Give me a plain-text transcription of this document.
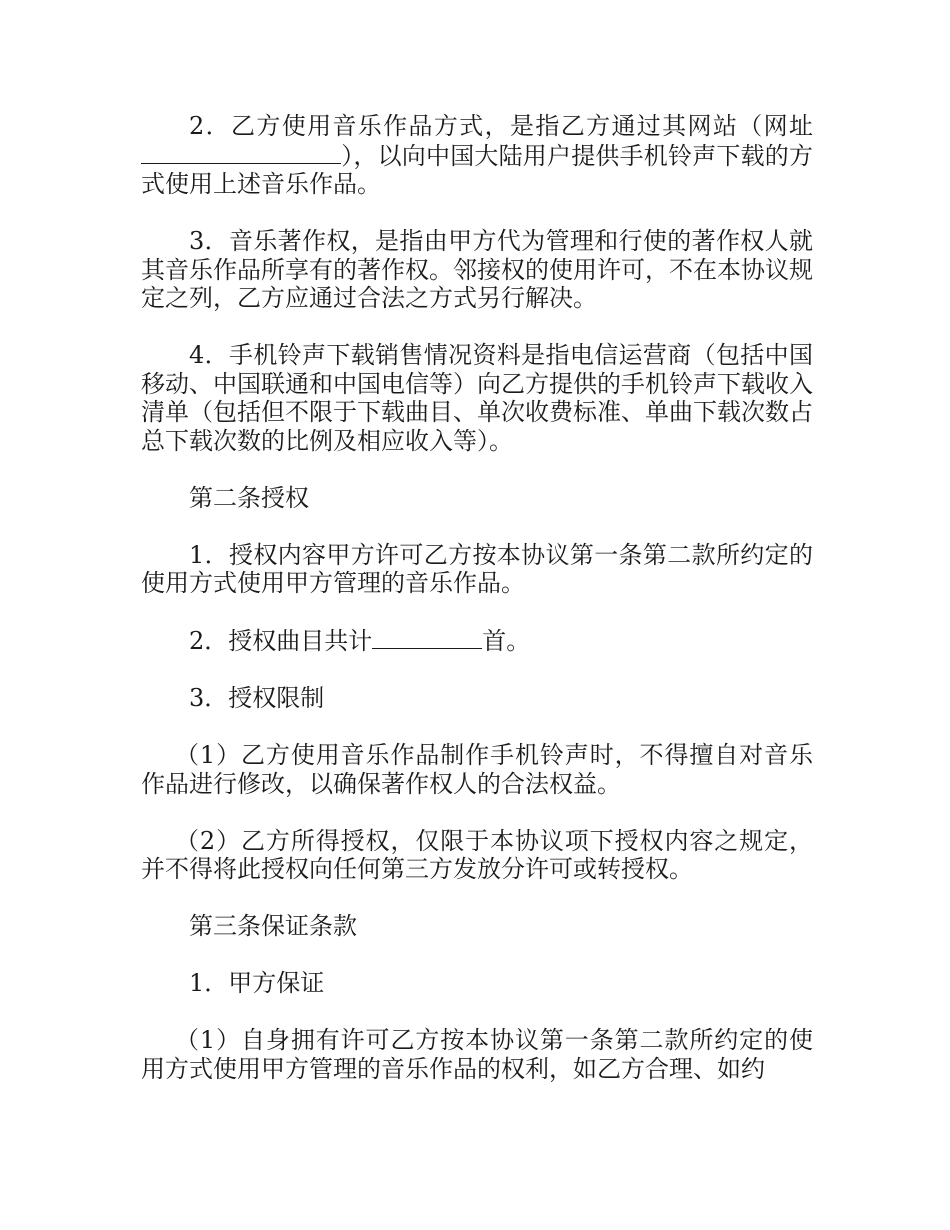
2．乙方使用音乐作品方式，是指乙方通过其网站（网址），以向中国大陆用户提供手机铃声下载的方式使用上述音乐作品。

3．音乐著作权，是指由甲方代为管理和行使的著作权人就其音乐作品所享有的著作权。邻接权的使用许可，不在本协议规定之列，乙方应通过合法之方式另行解决。

4．手机铃声下载销售情况资料是指电信运营商（包括中国移动、中国联通和中国电信等）向乙方提供的手机铃声下载收入清单（包括但不限于下载曲目、单次收费标准、单曲下载次数占总下载次数的比例及相应收入等）。

第二条授权

1．授权内容甲方许可乙方按本协议第一条第二款所约定的使用方式使用甲方管理的音乐作品。

2．授权曲目共计	首。

3．授权限制

（1）乙方使用音乐作品制作手机铃声时，不得擅自对音乐作品进行修改，以确保著作权人的合法权益。

（2）乙方所得授权，仅限于本协议项下授权内容之规定，并不得将此授权向任何第三方发放分许可或转授权。

第三条保证条款

1．甲方保证

（1）自身拥有许可乙方按本协议第一条第二款所约定的使用方式使用甲方管理的音乐作品的权利，如乙方合理、如约
